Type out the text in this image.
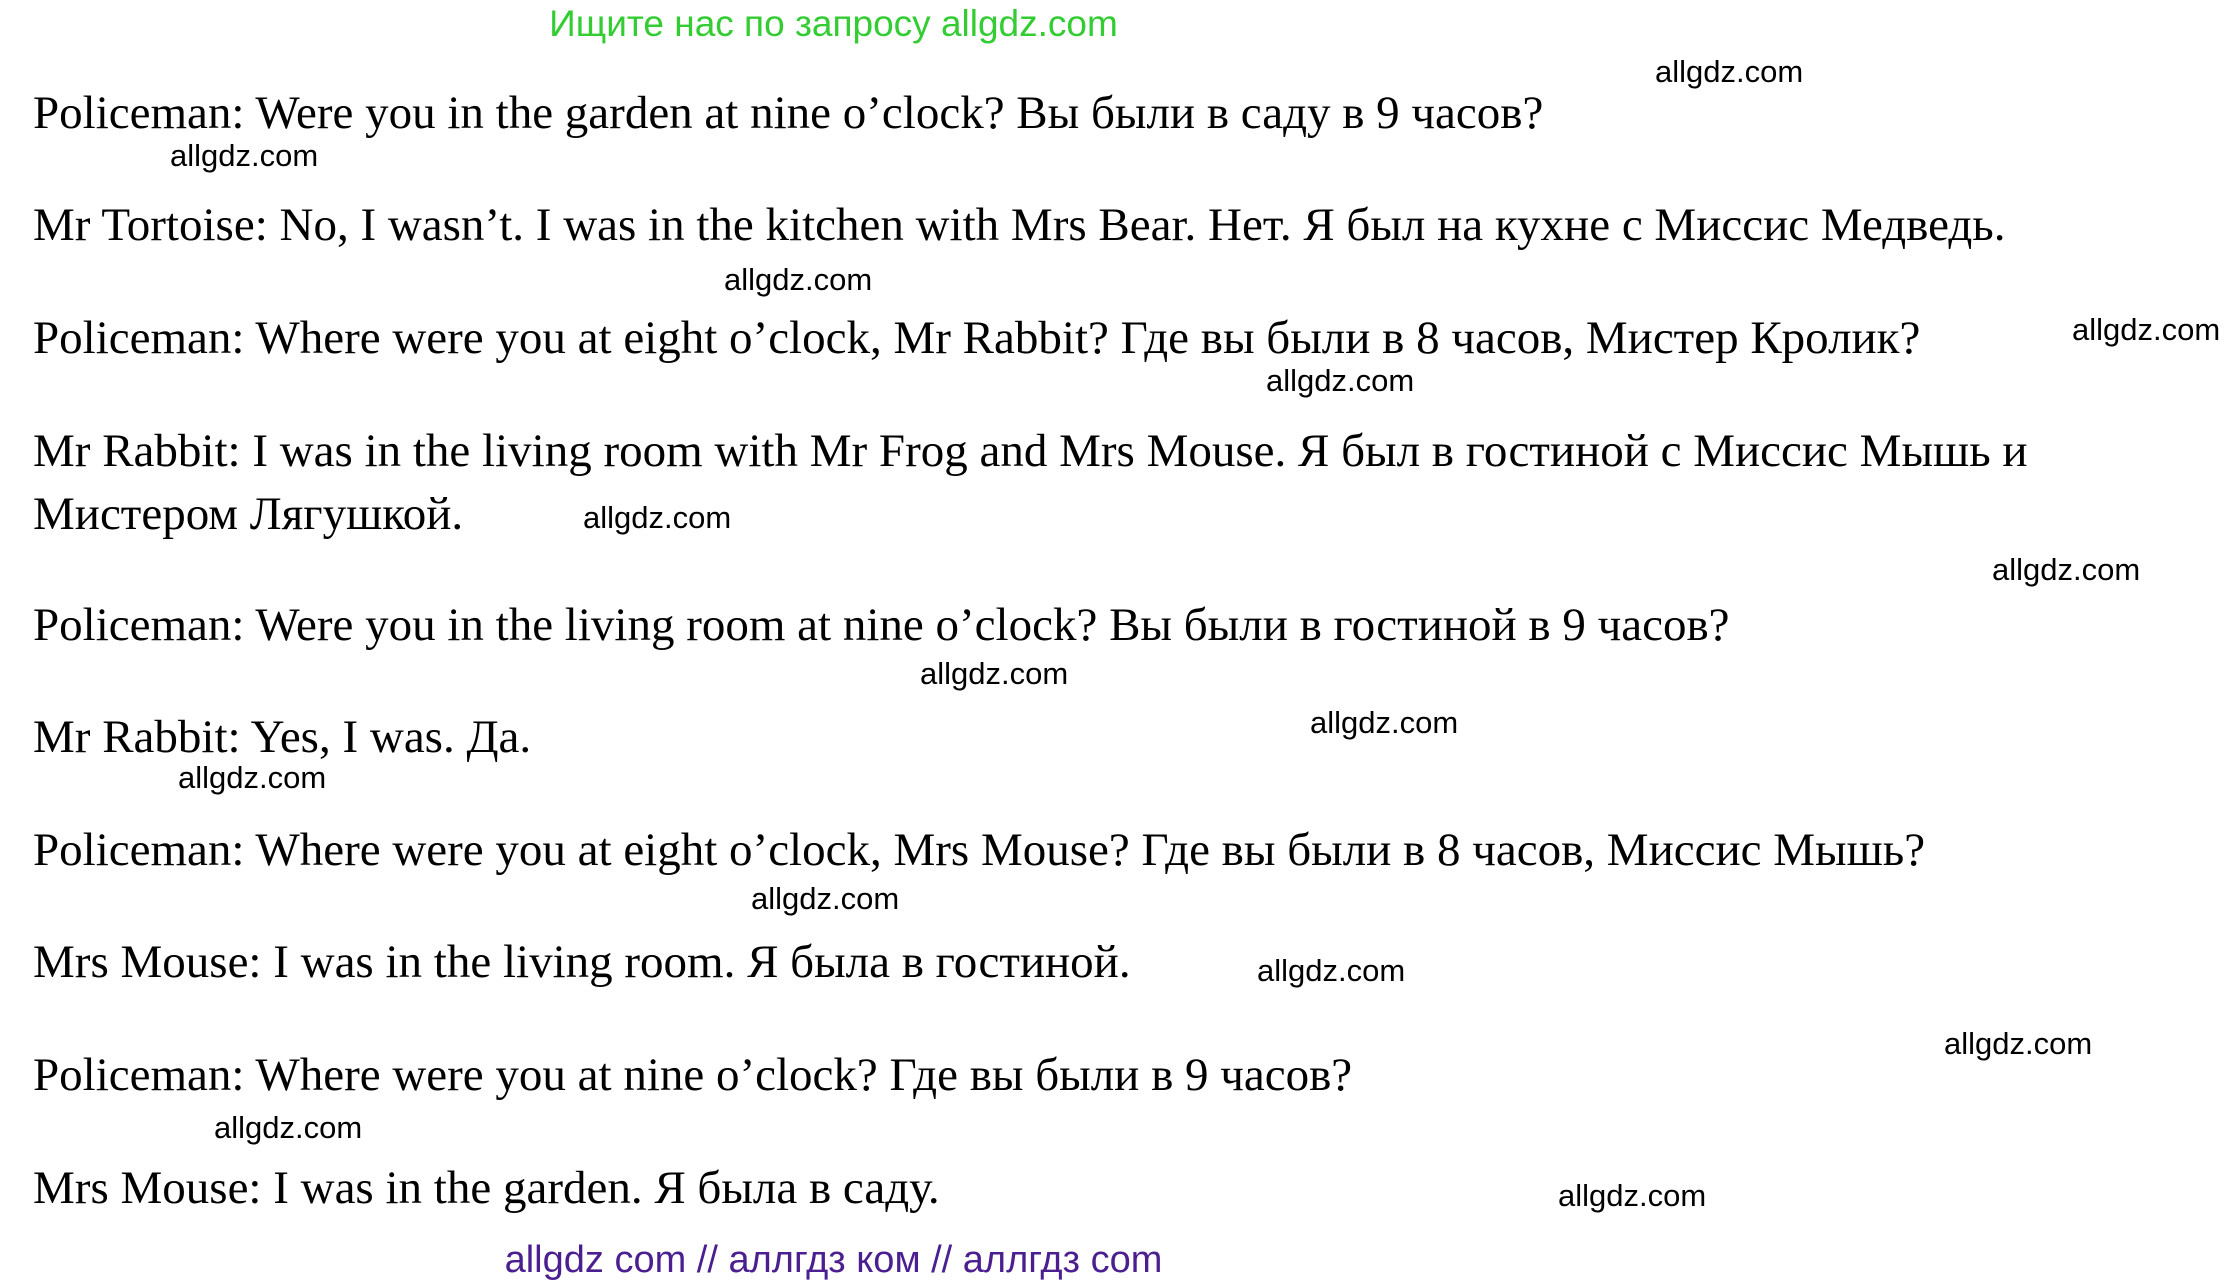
Ищите нас по запросу allgdz.com
Policeman: Were you in the garden at nine o’clock? Вы были в саду в 9 часов?
Mr Tortoise: No, I wasn’t. I was in the kitchen with Mrs Bear. Нет. Я был на кухне с Миссис Медведь.
Policeman: Where were you at eight o’clock, Mr Rabbit? Где вы были в 8 часов, Мистер Кролик?
Mr Rabbit: I was in the living room with Mr Frog and Mrs Mouse. Я был в гостиной с Миссис Мышь и
Мистером Лягушкой.
Policeman: Were you in the living room at nine o’clock? Вы были в гостиной в 9 часов?
Mr Rabbit: Yes, I was. Да.
Policeman: Where were you at eight o’clock, Mrs Mouse? Где вы были в 8 часов, Миссис Мышь?
Mrs Mouse: I was in the living room. Я была в гостиной.
Policeman: Where were you at nine o’clock? Где вы были в 9 часов?
Mrs Mouse: I was in the garden. Я была в саду.
allgdz.com
allgdz.com
allgdz.com
allgdz.com
allgdz.com
allgdz.com
allgdz.com
allgdz.com
allgdz.com
allgdz.com
allgdz.com
allgdz.com
allgdz.com
allgdz.com
allgdz.com
allgdz com // аллгдз ком // аллгдз com
